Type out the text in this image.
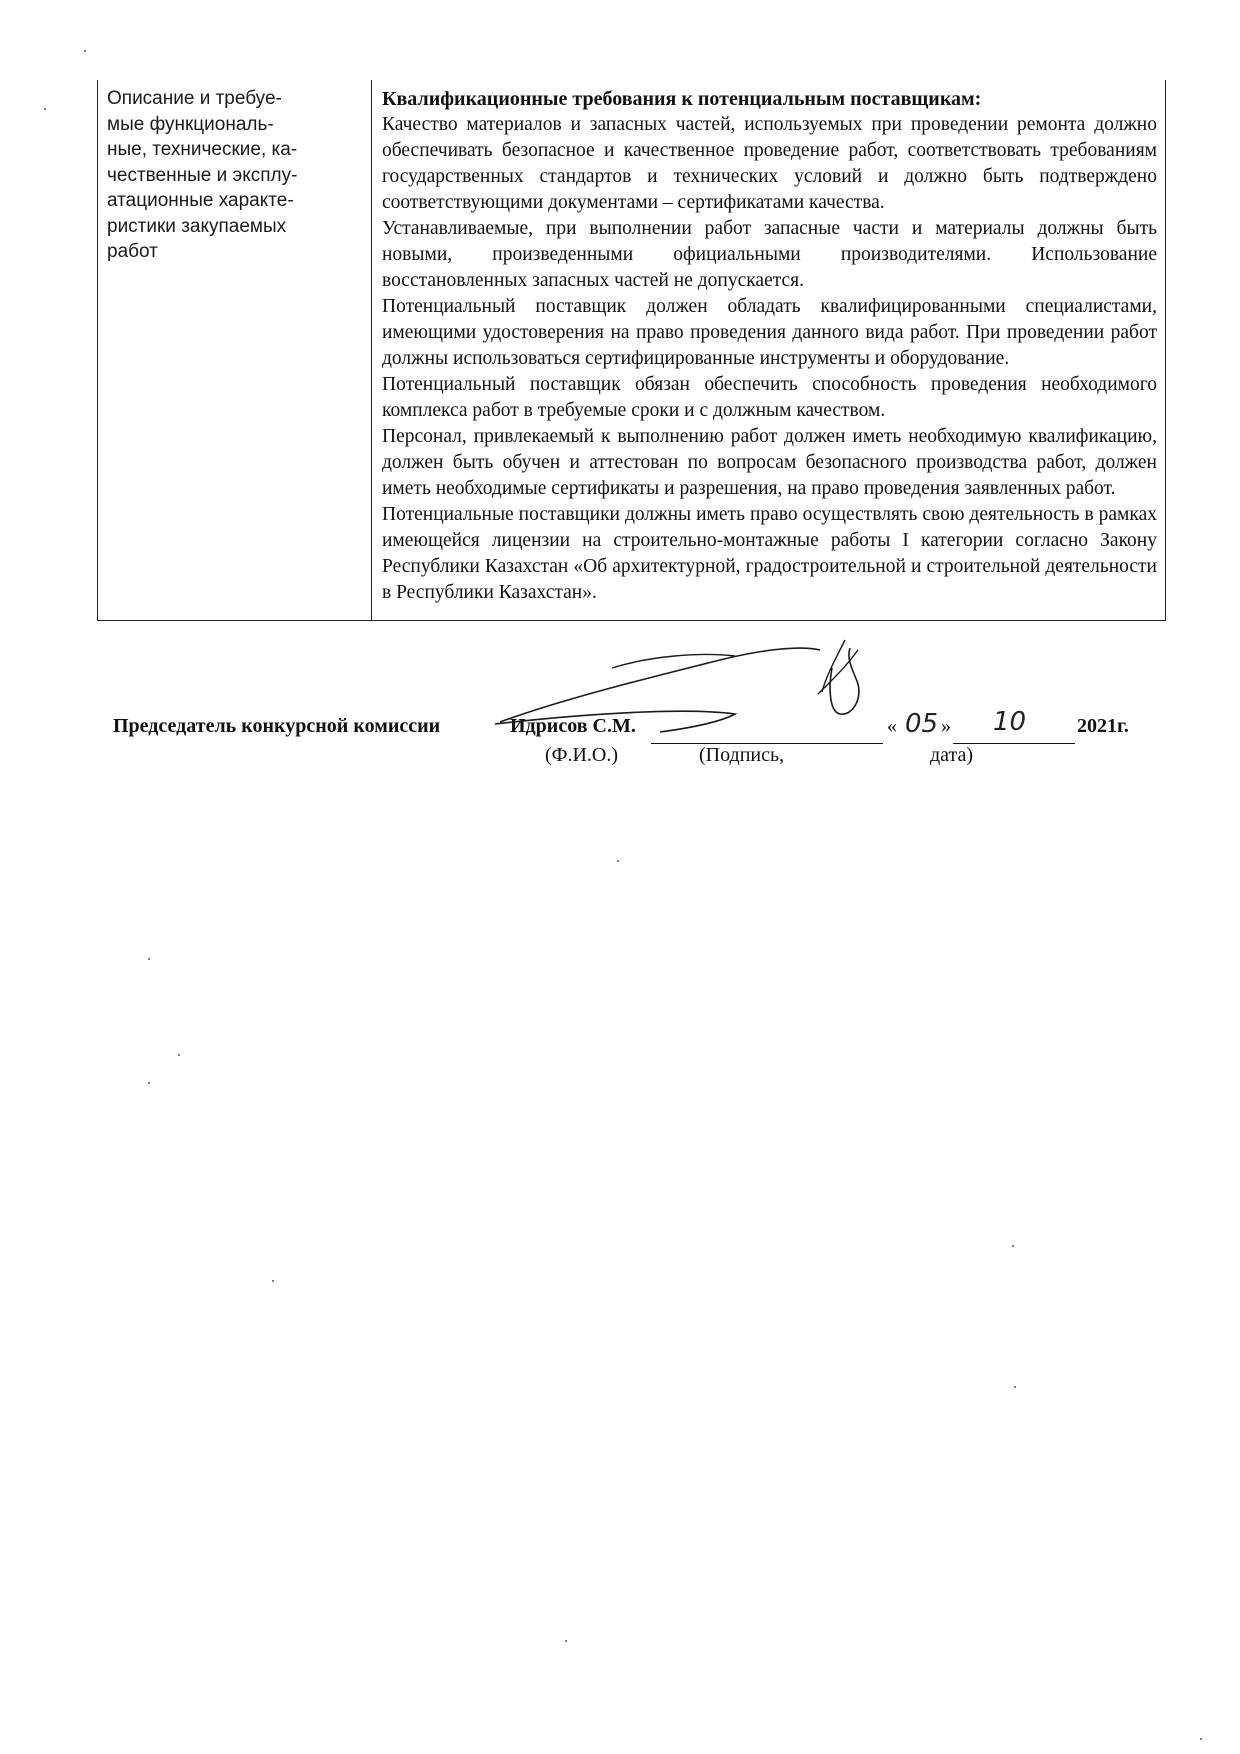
Описание и требуе-
мые функциональ-
ные, технические, ка-
чественные и эксплу-
атационные характе-
ристики закупаемых
работ

Квалификационные требования к потенциальным поставщикам:
Качество материалов и запасных частей, используемых при проведении ремонта должно обеспечивать безопасное и качественное проведение работ, соответствовать требованиям государственных стандартов и технических условий и должно быть подтверждено соответствующими документами – сертификатами качества.
Устанавливаемые, при выполнении работ запасные части и материалы должны быть новыми, произведенными официальными производителями. Использование восстановленных запасных частей не допускается.
Потенциальный поставщик должен обладать квалифицированными специалистами, имеющими удостоверения на право проведения данного вида работ. При проведении работ должны использоваться сертифицированные инструменты и оборудование.
Потенциальный поставщик обязан обеспечить способность проведения необходимого комплекса работ в требуемые сроки и с должным качеством.
Персонал, привлекаемый к выполнению работ должен иметь необходимую квалификацию, должен быть обучен и аттестован по вопросам безопасного производства работ, должен иметь необходимые сертификаты и разрешения, на право проведения заявленных работ.
Потенциальные поставщики должны иметь право осуществлять свою деятельность в рамках имеющейся лицензии на строительно-монтажные работы I категории согласно Закону Республики Казахстан «Об архитектурной, градостроительной и строительной деятельности в Республики Казахстан».
Председатель конкурсной комиссии	Идрисов С.М.	« 05 » 10	2021г.
(Ф.И.О.)	(Подпись,	дата)
